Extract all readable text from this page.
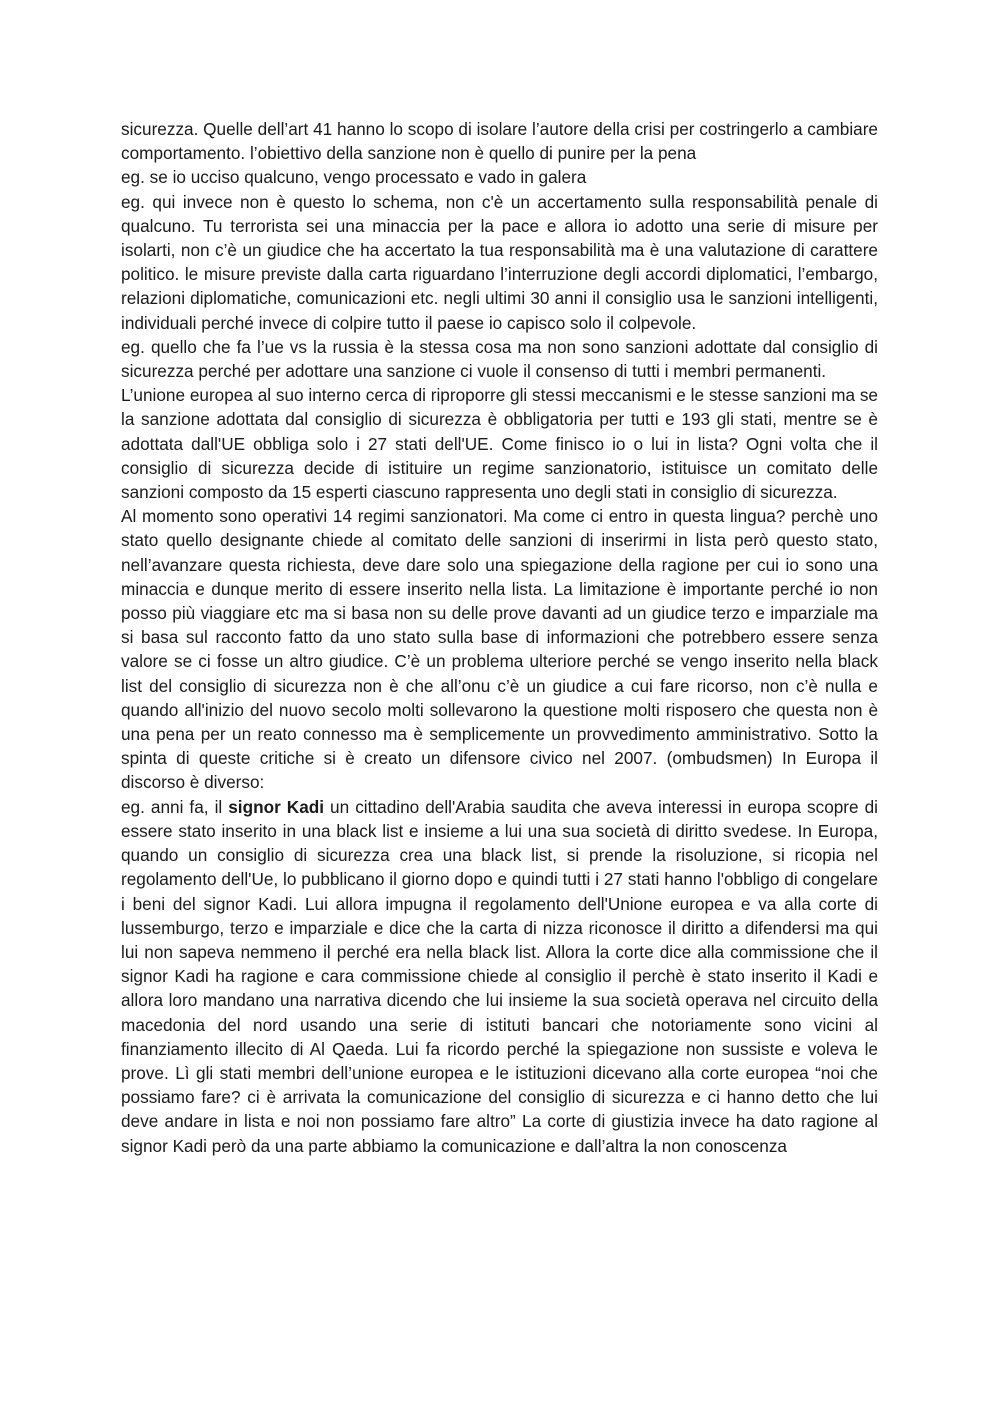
sicurezza. Quelle dell’art 41 hanno lo scopo di isolare l’autore della crisi per costringerlo a cambiare comportamento. l’obiettivo della sanzione non è quello di punire per la pena

eg. se io ucciso qualcuno, vengo processato e vado in galera

eg. qui invece non è questo lo schema, non c'è un accertamento sulla responsabilità penale di qualcuno. Tu terrorista sei una minaccia per la pace e allora io adotto una serie di misure per isolarti, non c’è un giudice che ha accertato la tua responsabilità ma è una valutazione di carattere politico. le misure previste dalla carta riguardano l’interruzione degli accordi diplomatici, l’embargo, relazioni diplomatiche, comunicazioni etc. negli ultimi 30 anni il consiglio usa le sanzioni intelligenti, individuali perché invece di colpire tutto il paese io capisco solo il colpevole.

eg. quello che fa l’ue vs la russia è la stessa cosa ma non sono sanzioni adottate dal consiglio di sicurezza perché per adottare una sanzione ci vuole il consenso di tutti i membri permanenti.

L’unione europea al suo interno cerca di riproporre gli stessi meccanismi e le stesse sanzioni ma se la sanzione adottata dal consiglio di sicurezza è obbligatoria per tutti e 193 gli stati, mentre se è adottata dall'UE obbliga solo i 27 stati dell'UE. Come finisco io o lui in lista? Ogni volta che il consiglio di sicurezza decide di istituire un regime sanzionatorio, istituisce un comitato delle sanzioni composto da 15 esperti ciascuno rappresenta uno degli stati in consiglio di sicurezza.

Al momento sono operativi 14 regimi sanzionatori. Ma come ci entro in questa lingua? perchè uno stato quello designante chiede al comitato delle sanzioni di inserirmi in lista però questo stato, nell’avanzare questa richiesta, deve dare solo una spiegazione della ragione per cui io sono una minaccia e dunque merito di essere inserito nella lista. La limitazione è importante perché io non posso più viaggiare etc ma si basa non su delle prove davanti ad un giudice terzo e imparziale ma si basa sul racconto fatto da uno stato sulla base di informazioni che potrebbero essere senza valore se ci fosse un altro giudice. C’è un problema ulteriore perché se vengo inserito nella black list del consiglio di sicurezza non è che all’onu c’è un giudice a cui fare ricorso, non c’è nulla e quando all'inizio del nuovo secolo molti sollevarono la questione molti risposero che questa non è una pena per un reato connesso ma è semplicemente un provvedimento amministrativo. Sotto la spinta di queste critiche si è creato un difensore civico nel 2007. (ombudsmen) In Europa il discorso è diverso:

eg. anni fa, il signor Kadi un cittadino dell'Arabia saudita che aveva interessi in europa scopre di essere stato inserito in una black list e insieme a lui una sua società di diritto svedese. In Europa, quando un consiglio di sicurezza crea una black list, si prende la risoluzione, si ricopia nel regolamento dell'Ue, lo pubblicano il giorno dopo e quindi tutti i 27 stati hanno l'obbligo di congelare i beni del signor Kadi. Lui allora impugna il regolamento dell'Unione europea e va alla corte di lussemburgo, terzo e imparziale e dice che la carta di nizza riconosce il diritto a difendersi ma qui lui non sapeva nemmeno il perché era nella black list. Allora la corte dice alla commissione che il signor Kadi ha ragione e cara commissione chiede al consiglio il perchè è stato inserito il Kadi e allora loro mandano una narrativa dicendo che lui insieme la sua società operava nel circuito della macedonia del nord usando una serie di istituti bancari che notoriamente sono vicini al finanziamento illecito di Al Qaeda. Lui fa ricordo perché la spiegazione non sussiste e voleva le prove. Lì gli stati membri dell’unione europea e le istituzioni dicevano alla corte europea “noi che possiamo fare? ci è arrivata la comunicazione del consiglio di sicurezza e ci hanno detto che lui deve andare in lista e noi non possiamo fare altro” La corte di giustizia invece ha dato ragione al signor Kadi però da una parte abbiamo la comunicazione e dall’altra la non conoscenza
